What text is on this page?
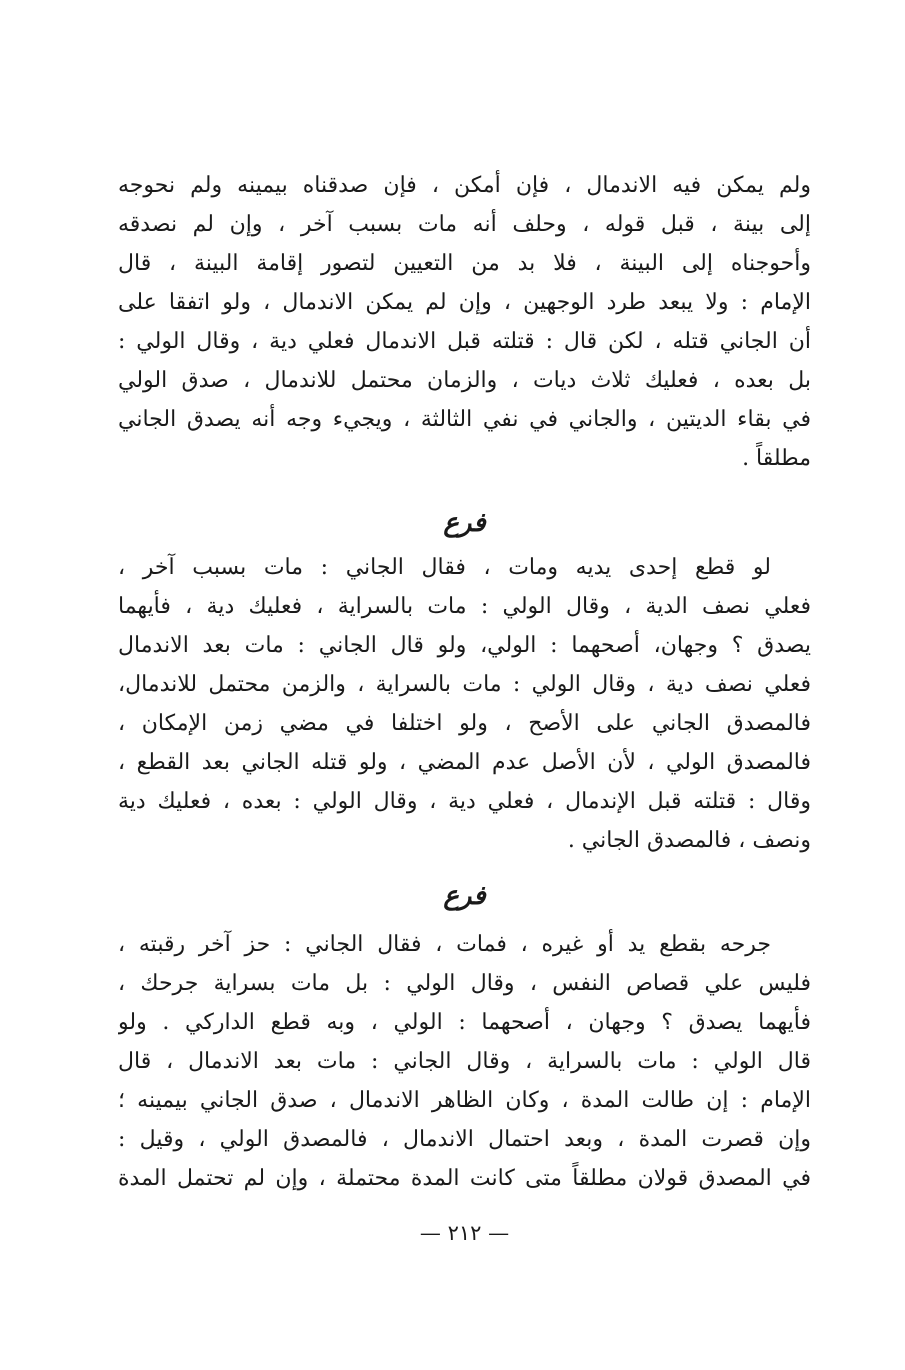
ولم يمكن فيه الاندمال ، فإن أمكن ، فإن صدقناه بيمينه ولم نحوجه
إلى بينة ، قبل قوله ، وحلف أنه مات بسبب آخر ، وإن لم نصدقه
وأحوجناه إلى البينة ، فلا بد من التعيين لتصور إقامة البينة ، قال
الإمام : ولا يبعد طرد الوجهين ، وإن لم يمكن الاندمال ، ولو اتفقا على
أن الجاني قتله ، لكن قال : قتلته قبل الاندمال فعلي دية ، وقال الولي :
بل بعده ، فعليك ثلاث ديات ، والزمان محتمل للاندمال ، صدق الولي
في بقاء الديتين ، والجاني في نفي الثالثة ، ويجيء وجه أنه يصدق الجاني
مطلقاً .
فرع
لو قطع إحدى يديه ومات ، فقال الجاني : مات بسبب آخر ،
فعلي نصف الدية ، وقال الولي : مات بالسراية ، فعليك دية ، فأيهما
يصدق ؟ وجهان، أصحهما : الولي، ولو قال الجاني : مات بعد الاندمال
فعلي نصف دية ، وقال الولي : مات بالسراية ، والزمن محتمل للاندمال،
فالمصدق الجاني على الأصح ، ولو اختلفا في مضي زمن الإمكان ،
فالمصدق الولي ، لأن الأصل عدم المضي ، ولو قتله الجاني بعد القطع ،
وقال : قتلته قبل الإندمال ، فعلي دية ، وقال الولي : بعده ، فعليك دية
ونصف ، فالمصدق الجاني .
فرع
جرحه بقطع يد أو غيره ، فمات ، فقال الجاني : حز آخر رقبته ،
فليس علي قصاص النفس ، وقال الولي : بل مات بسراية جرحك ،
فأيهما يصدق ؟ وجهان ، أصحهما : الولي ، وبه قطع الداركي . ولو
قال الولي : مات بالسراية ، وقال الجاني : مات بعد الاندمال ، قال
الإمام : إن طالت المدة ، وكان الظاهر الاندمال ، صدق الجاني بيمينه ؛
وإن قصرت المدة ، وبعد احتمال الاندمال ، فالمصدق الولي ، وقيل :
في المصدق قولان مطلقاً متى كانت المدة محتملة ، وإن لم تحتمل المدة
— ٢١٢ —
